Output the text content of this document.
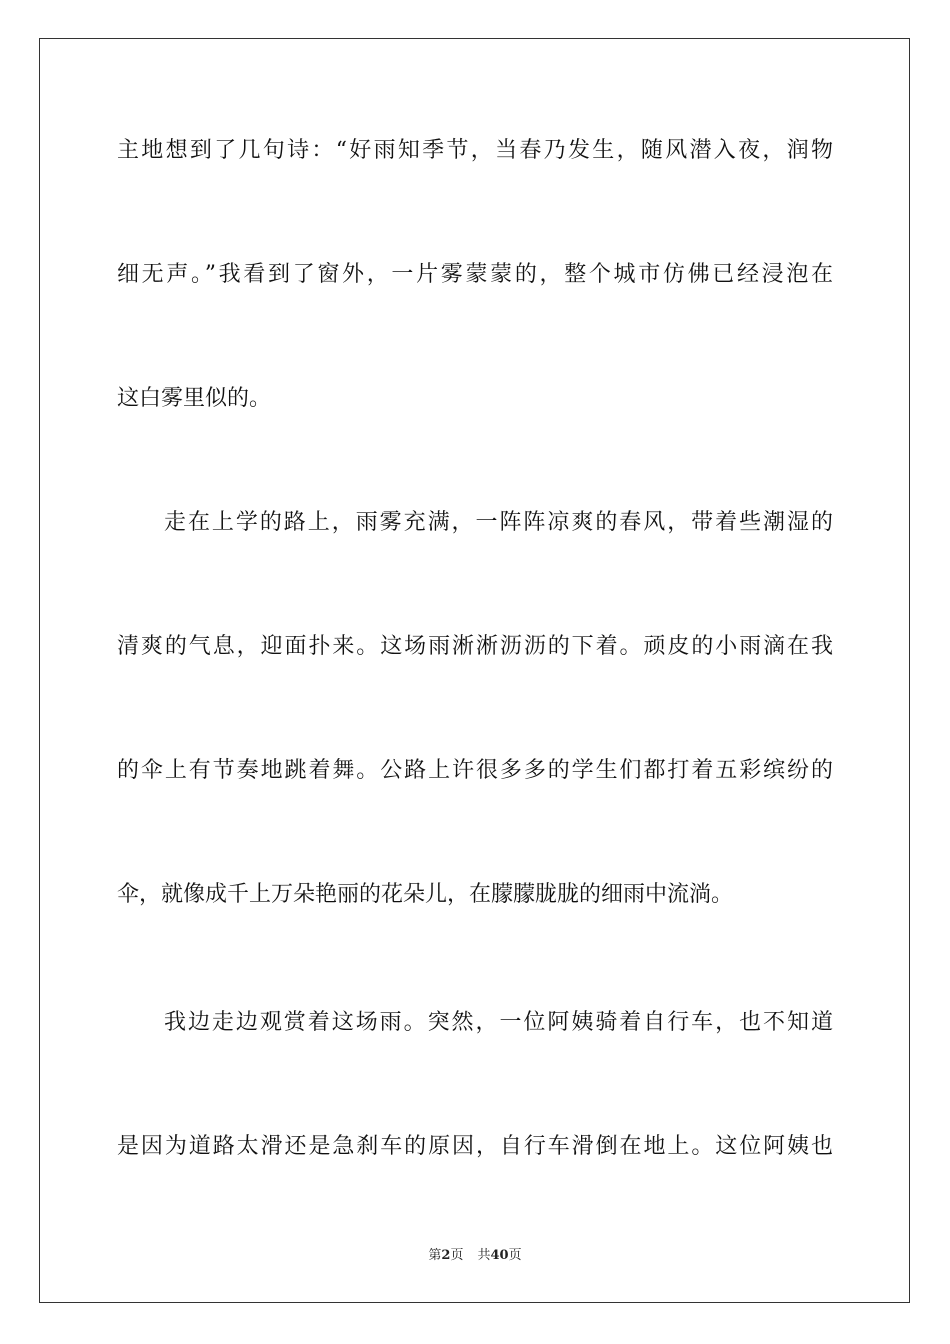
主地想到了几句诗：“好雨知季节，当春乃发生，随风潜入夜，润物
细无声。”我看到了窗外，一片雾蒙蒙的，整个城市仿佛已经浸泡在
这白雾里似的。
走在上学的路上，雨雾充满，一阵阵凉爽的春风，带着些潮湿的
清爽的气息，迎面扑来。这场雨淅淅沥沥的下着。顽皮的小雨滴在我
的伞上有节奏地跳着舞。公路上许很多多的学生们都打着五彩缤纷的
伞，就像成千上万朵艳丽的花朵儿，在朦朦胧胧的细雨中流淌。
我边走边观赏着这场雨。突然，一位阿姨骑着自行车，也不知道
是因为道路太滑还是急刹车的原因，自行车滑倒在地上。这位阿姨也
第2页 共40页
